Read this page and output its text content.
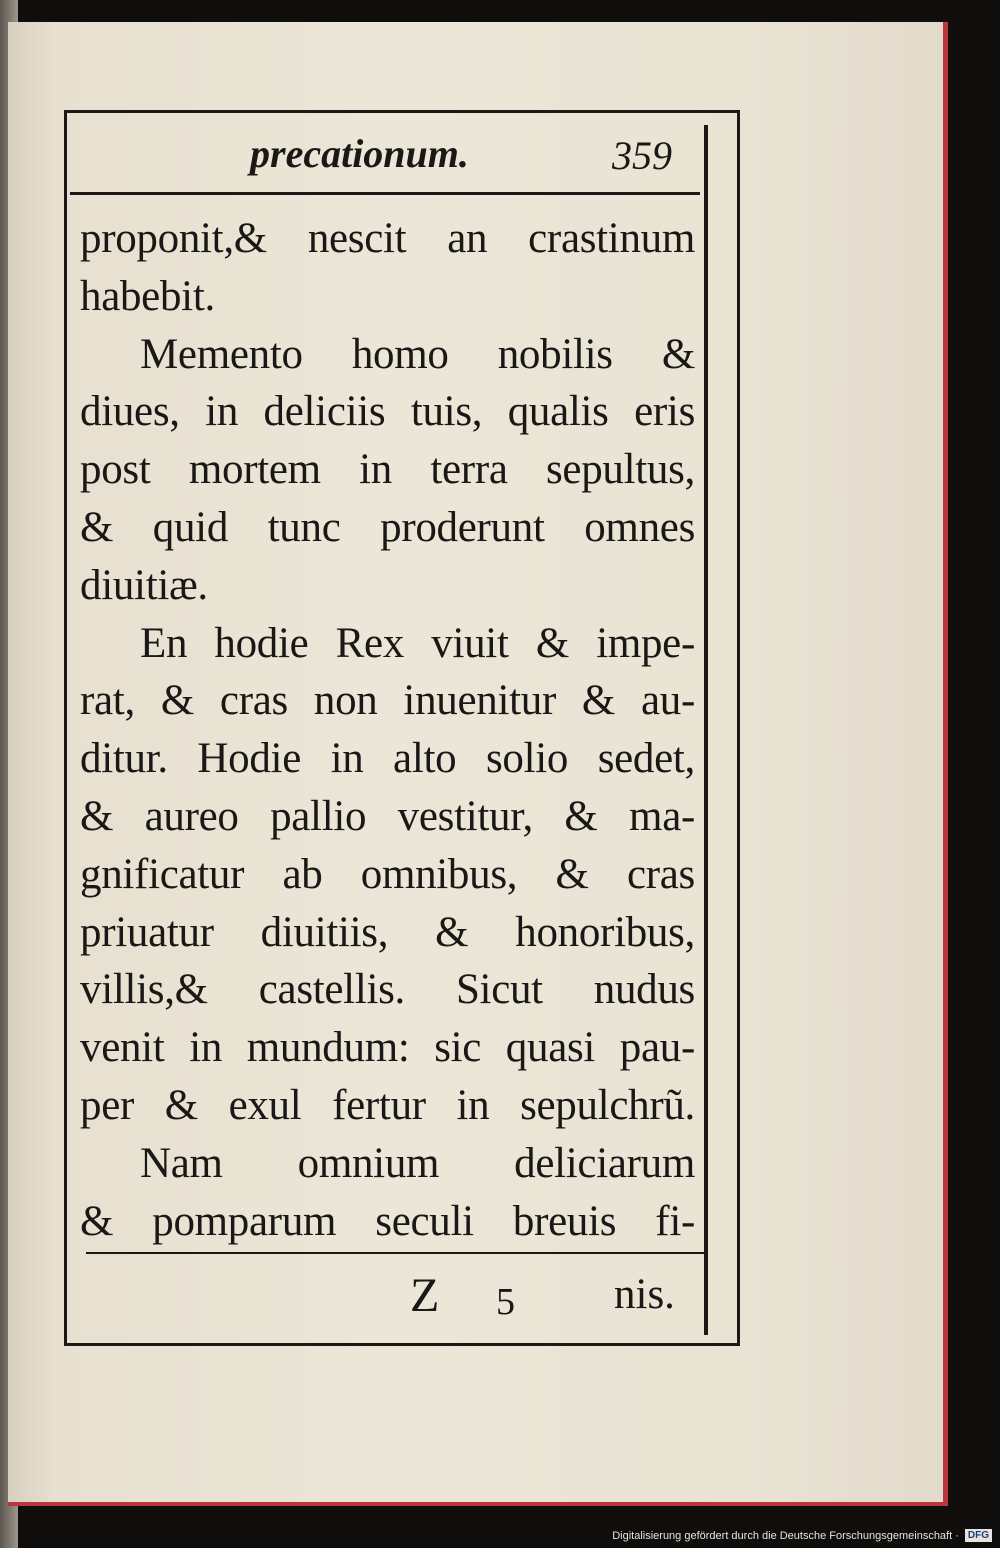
precationum.	359
proponit,& nescit an crastinum
habebit.
Memento homo nobilis &
diues, in deliciis tuis, qualis eris
post mortem in terra sepultus,
& quid tunc proderunt omnes
diuitiæ.
En hodie Rex viuit & impe-
rat, & cras non inuenitur & au-
ditur. Hodie in alto solio sedet,
& aureo pallio vestitur, & ma-
gnificatur ab omnibus, & cras
priuatur diuitiis, & honoribus,
villis,& castellis. Sicut nudus
venit in mundum: sic quasi pau-
per & exul fertur in sepulchrũ.
Nam omnium deliciarum
& pomparum seculi breuis fi-
Z 5 nis.
Digitalisierung gefördert durch die Deutsche Forschungsgemeinschaft · DFG
